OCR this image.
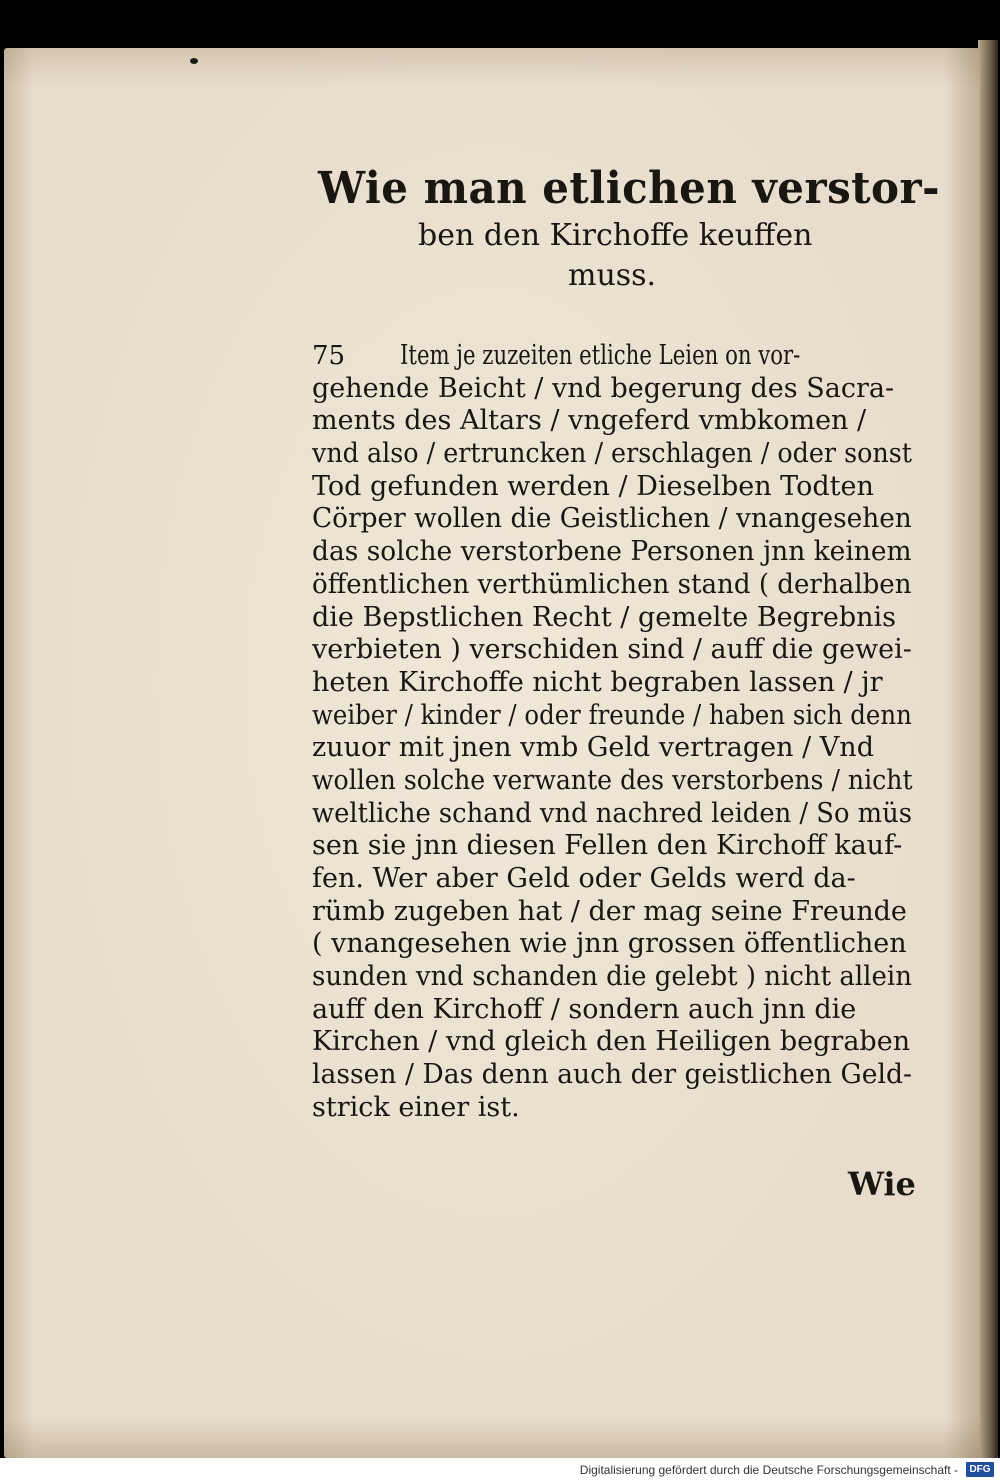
Wie man etlichen verstor-
ben den Kirchoffe keuffen
muss.
75	Item je zuzeiten etliche Leien on vor-
gehende Beicht / vnd begerung des Sacra-
ments des Altars / vngeferd vmbkomen /
vnd also / ertruncken / erschlagen / oder sonst
Tod gefunden werden / Dieselben Todten
Cörper wollen die Geistlichen / vnangesehen
das solche verstorbene Personen jnn keinem
öffentlichen verthümlichen stand ( derhalben
die Bepstlichen Recht / gemelte Begrebnis
verbieten ) verschiden sind / auff die gewei-
heten Kirchoffe nicht begraben lassen / jr
weiber / kinder / oder freunde / haben sich denn
zuuor mit jnen vmb Geld vertragen / Vnd
wollen solche verwante des verstorbens / nicht
weltliche schand vnd nachred leiden / So müs
sen sie jnn diesen Fellen den Kirchoff kauf-
fen. Wer aber Geld oder Gelds werd da-
rümb zugeben hat / der mag seine Freunde
( vnangesehen wie jnn grossen öffentlichen
sunden vnd schanden die gelebt ) nicht allein
auff den Kirchoff / sondern auch jnn die
Kirchen / vnd gleich den Heiligen begraben
lassen / Das denn auch der geistlichen Geld-
strick einer ist.
Wie
Digitalisierung gefördert durch die Deutsche Forschungsgemeinschaft -	DFG
